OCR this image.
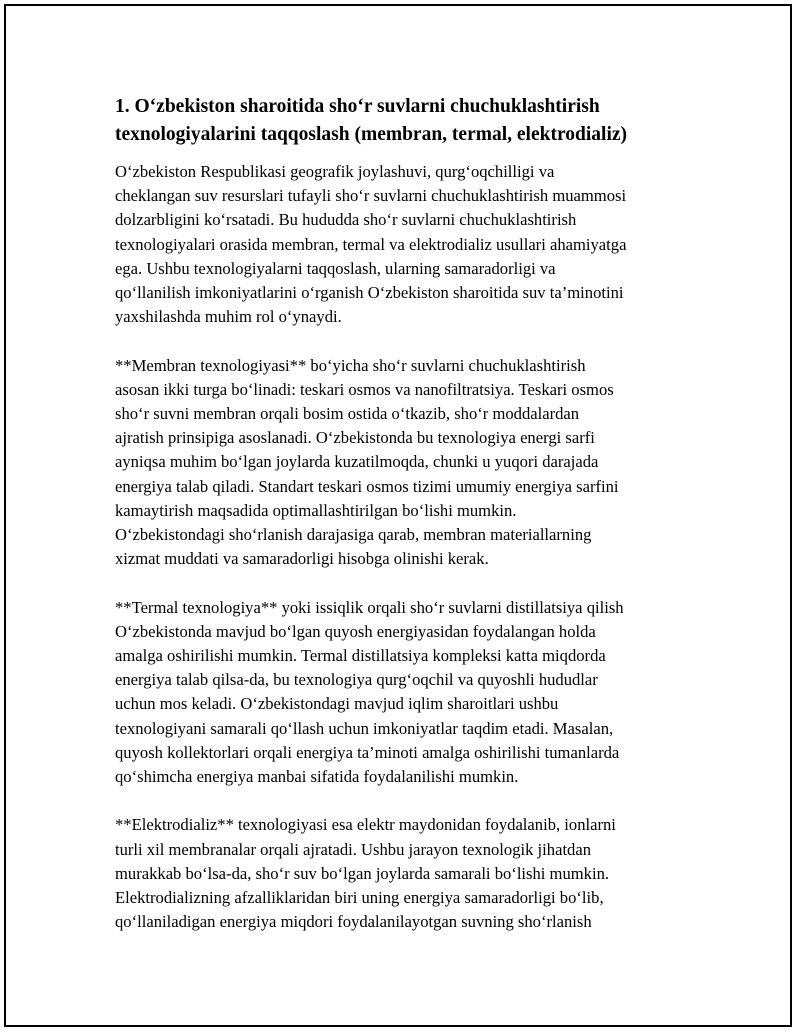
1. O‘zbekiston sharoitida sho‘r suvlarni chuchuklashtirish
texnologiyalarini taqqoslash (membran, termal, elektrodializ)
O‘zbekiston Respublikasi geografik joylashuvi, qurg‘oqchilligi va
cheklangan suv resurslari tufayli sho‘r suvlarni chuchuklashtirish muammosi
dolzarbligini ko‘rsatadi. Bu hududda sho‘r suvlarni chuchuklashtirish
texnologiyalari orasida membran, termal va elektrodializ usullari ahamiyatga
ega. Ushbu texnologiyalarni taqqoslash, ularning samaradorligi va
qo‘llanilish imkoniyatlarini o‘rganish O‘zbekiston sharoitida suv ta’minotini
yaxshilashda muhim rol o‘ynaydi.
**Membran texnologiyasi** bo‘yicha sho‘r suvlarni chuchuklashtirish
asosan ikki turga bo‘linadi: teskari osmos va nanofiltratsiya. Teskari osmos
sho‘r suvni membran orqali bosim ostida o‘tkazib, sho‘r moddalardan
ajratish prinsipiga asoslanadi. O‘zbekistonda bu texnologiya energi sarfi
ayniqsa muhim bo‘lgan joylarda kuzatilmoqda, chunki u yuqori darajada
energiya talab qiladi. Standart teskari osmos tizimi umumiy energiya sarfini
kamaytirish maqsadida optimallashtirilgan bo‘lishi mumkin.
O‘zbekistondagi sho‘rlanish darajasiga qarab, membran materiallarning
xizmat muddati va samaradorligi hisobga olinishi kerak.
**Termal texnologiya** yoki issiqlik orqali sho‘r suvlarni distillatsiya qilish
O‘zbekistonda mavjud bo‘lgan quyosh energiyasidan foydalangan holda
amalga oshirilishi mumkin. Termal distillatsiya kompleksi katta miqdorda
energiya talab qilsa-da, bu texnologiya qurg‘oqchil va quyoshli hududlar
uchun mos keladi. O‘zbekistondagi mavjud iqlim sharoitlari ushbu
texnologiyani samarali qo‘llash uchun imkoniyatlar taqdim etadi. Masalan,
quyosh kollektorlari orqali energiya ta’minoti amalga oshirilishi tumanlarda
qo‘shimcha energiya manbai sifatida foydalanilishi mumkin.
**Elektrodializ** texnologiyasi esa elektr maydonidan foydalanib, ionlarni
turli xil membranalar orqali ajratadi. Ushbu jarayon texnologik jihatdan
murakkab bo‘lsa-da, sho‘r suv bo‘lgan joylarda samarali bo‘lishi mumkin.
Elektrodializning afzalliklaridan biri uning energiya samaradorligi bo‘lib,
qo‘llaniladigan energiya miqdori foydalanilayotgan suvning sho‘rlanish
